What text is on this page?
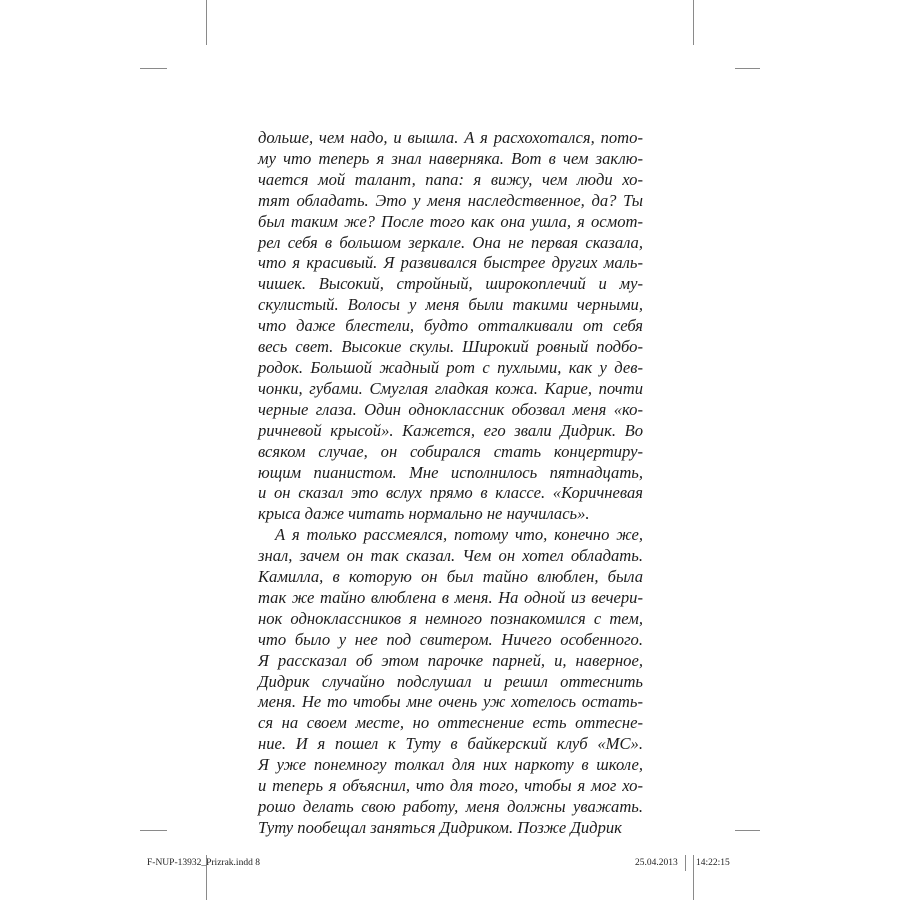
дольше, чем надо, и вышла. А я расхохотался, пото-
му что теперь я знал наверняка. Вот в чем заклю-
чается мой талант, папа: я вижу, чем люди хо-
тят обладать. Это у меня наследственное, да? Ты
был таким же? После того как она ушла, я осмот-
рел себя в большом зеркале. Она не первая сказала,
что я красивый. Я развивался быстрее других маль-
чишек. Высокий, стройный, широкоплечий и му-
скулистый. Волосы у меня были такими черными,
что даже блестели, будто отталкивали от себя
весь свет. Высокие скулы. Широкий ровный подбо-
родок. Большой жадный рот с пухлыми, как у дев-
чонки, губами. Смуглая гладкая кожа. Карие, почти
черные глаза. Один одноклассник обозвал меня «ко-
ричневой крысой». Кажется, его звали Дидрик. Во
всяком случае, он собирался стать концертиру-
ющим пианистом. Мне исполнилось пятнадцать,
и он сказал это вслух прямо в классе. «Коричневая
крыса даже читать нормально не научилась».
А я только рассмеялся, потому что, конечно же,
знал, зачем он так сказал. Чем он хотел обладать.
Камилла, в которую он был тайно влюблен, была
так же тайно влюблена в меня. На одной из вечери-
нок одноклассников я немного познакомился с тем,
что было у нее под свитером. Ничего особенного.
Я рассказал об этом парочке парней, и, наверное,
Дидрик случайно подслушал и решил оттеснить
меня. Не то чтобы мне очень уж хотелось остать-
ся на своем месте, но оттеснение есть оттесне-
ние. И я пошел к Туту в байкерский клуб «МС».
Я уже понемногу толкал для них наркоту в школе,
и теперь я объяснил, что для того, чтобы я мог хо-
рошо делать свою работу, меня должны уважать.
Туту пообещал заняться Дидриком. Позже Дидрик
F-NUP-13932_Prizrak.indd 8	25.04.2013 14:22:15
